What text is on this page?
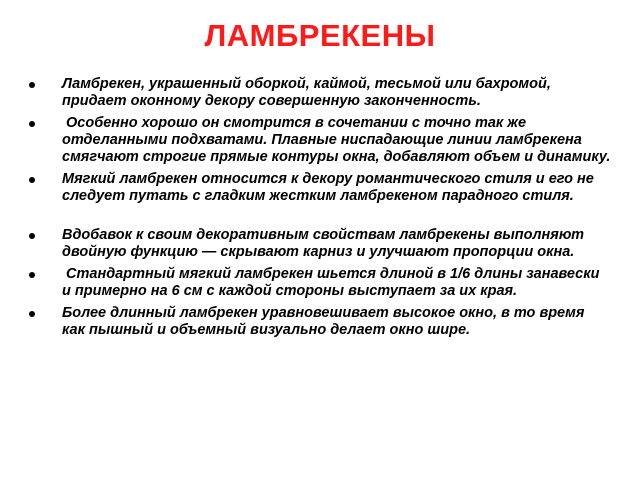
ЛАМБРЕКЕНЫ
Ламбрекен, украшенный оборкой, каймой, тесьмой или бахромой, придает оконному декору совершенную законченность.
Особенно хорошо он смотрится в сочетании с точно так же отделанными подхватами. Плавные ниспадающие линии ламбрекена смягчают строгие прямые контуры окна, добавляют объем и динамику.
Мягкий ламбрекен относится к декору романтического стиля и его не следует путать с гладким жестким ламбрекеном парадного стиля.
Вдобавок к своим декоративным свойствам ламбрекены выполняют двойную функцию — скрывают карниз и улучшают пропорции окна.
Стандартный мягкий ламбрекен шьется длиной в 1/6 длины занавески и примерно на 6 см с каждой стороны выступает за их края.
Более длинный ламбрекен уравновешивает высокое окно, в то время как пышный и объемный визуально делает окно шире.
